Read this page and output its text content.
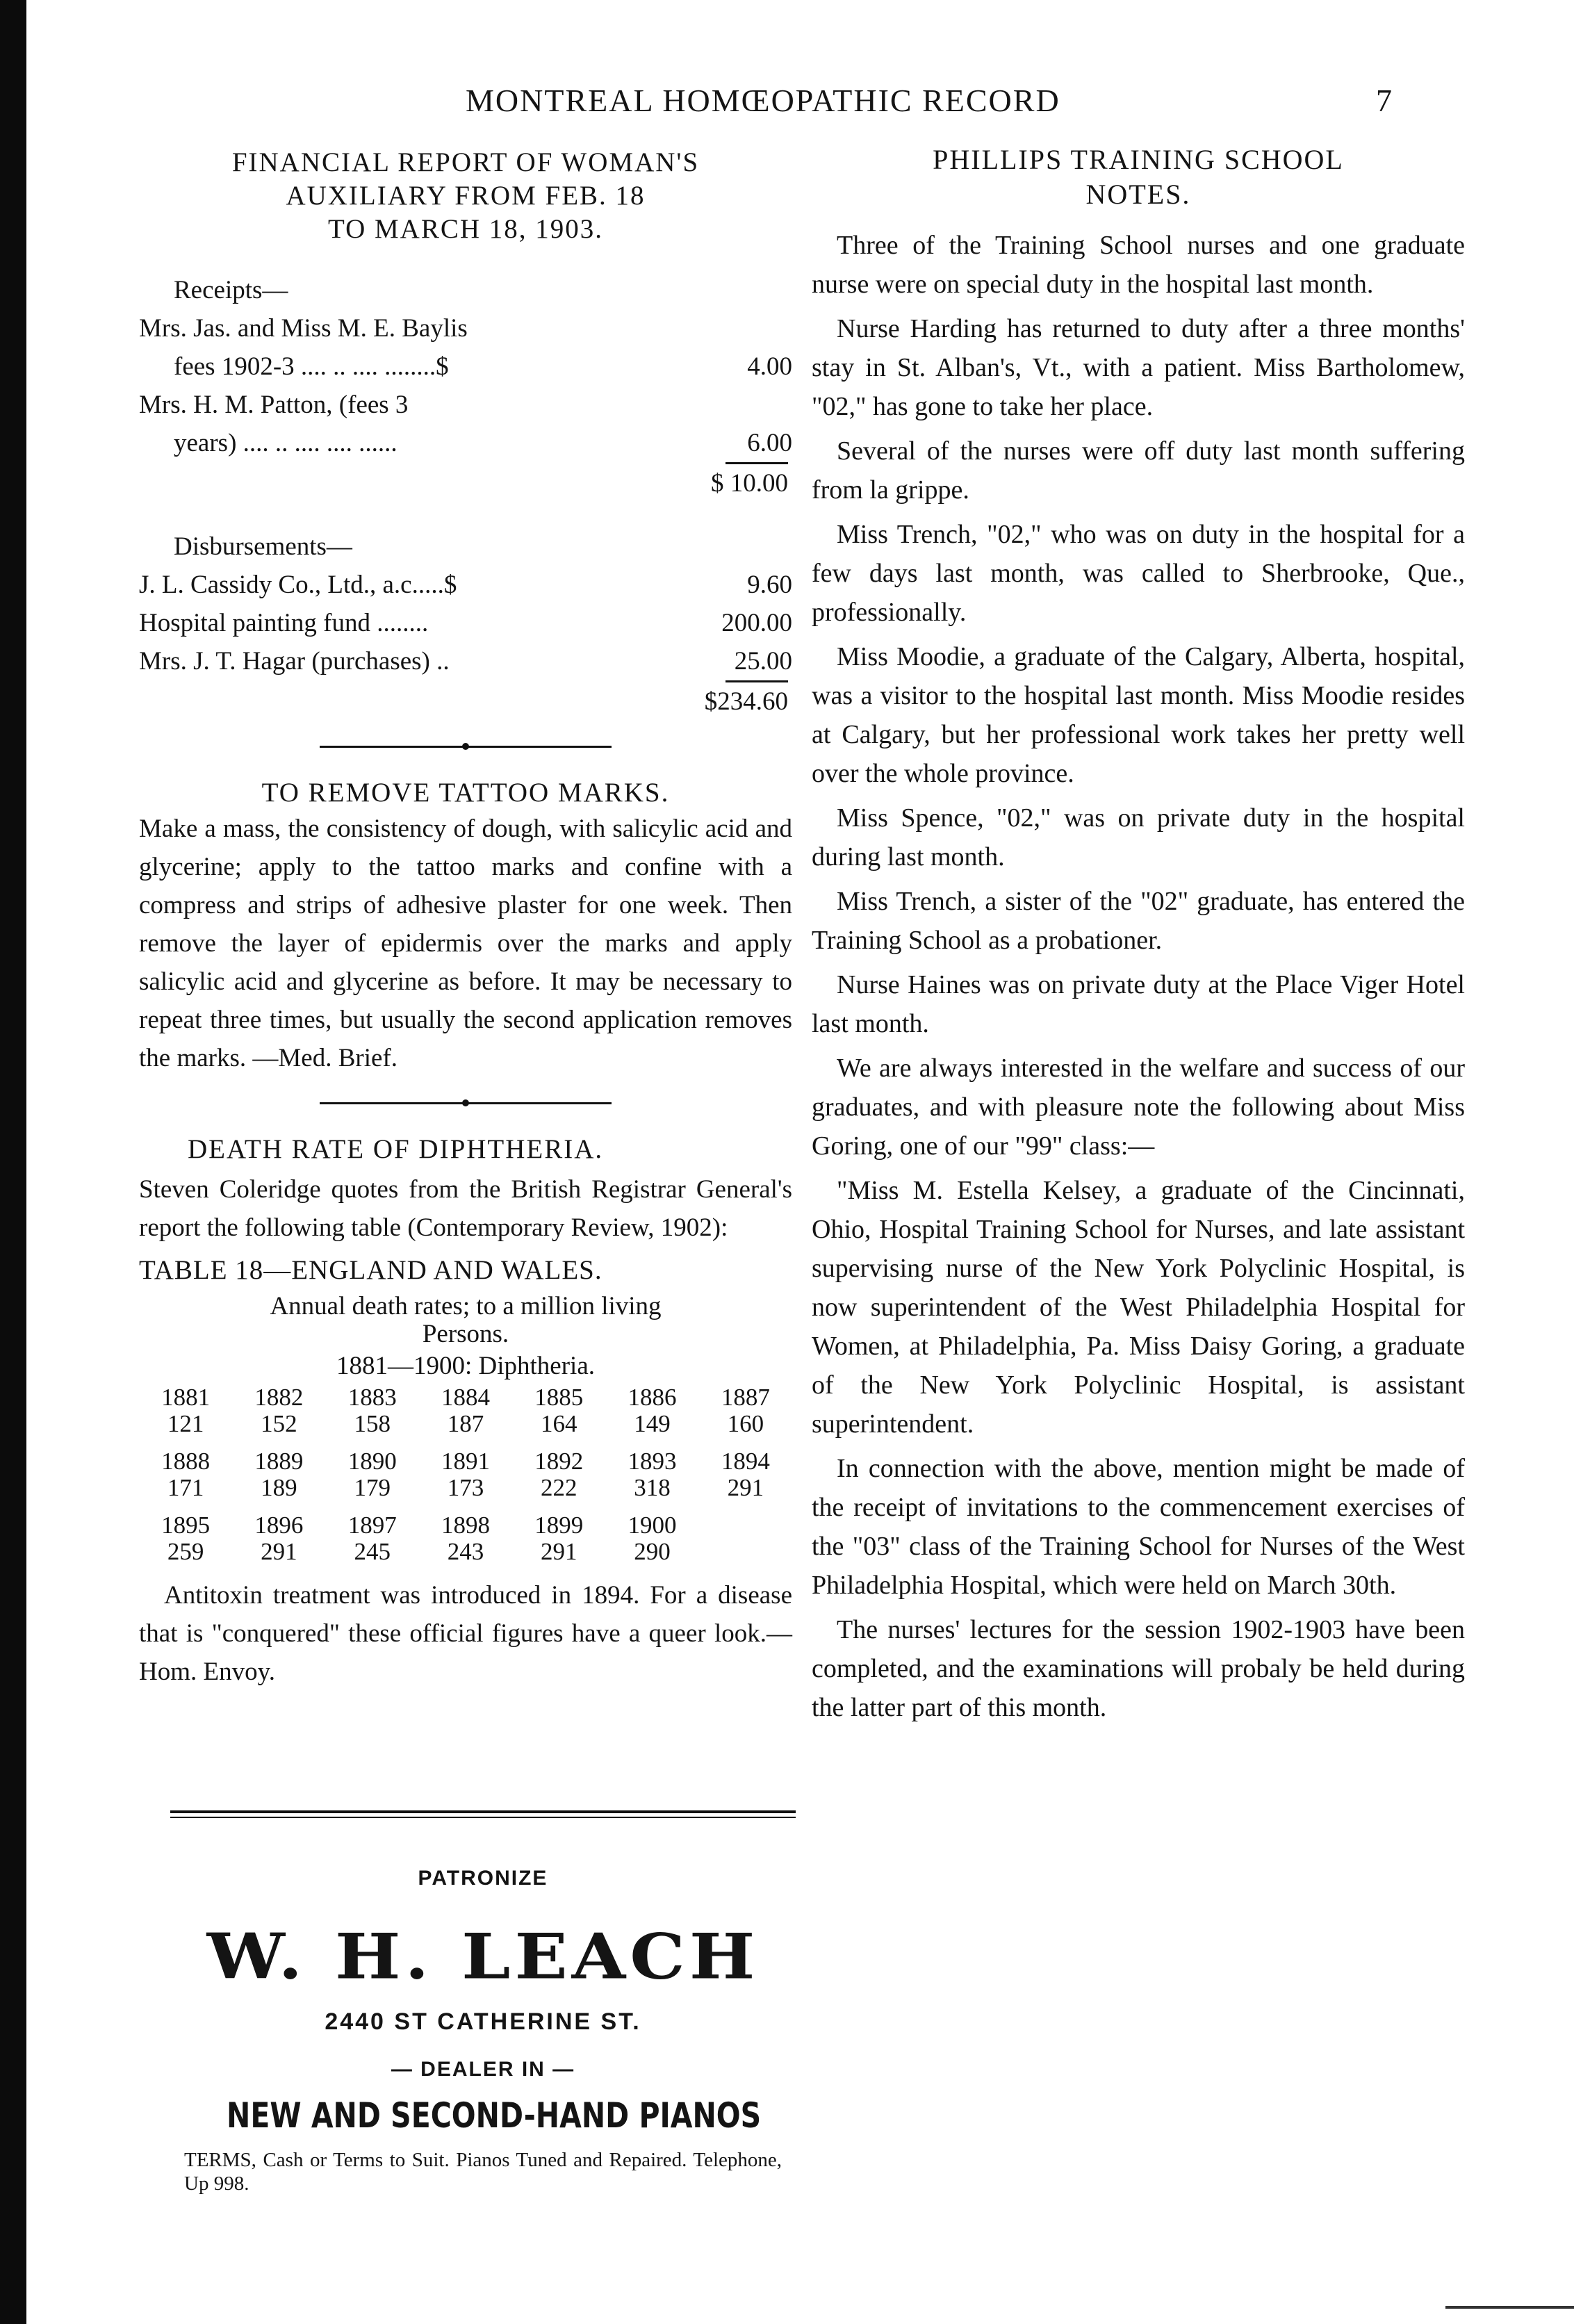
MONTREAL HOMŒOPATHIC RECORD	7
FINANCIAL REPORT OF WOMAN'S
AUXILIARY FROM FEB. 18
TO MARCH 18, 1903.
Receipts—
Mrs. Jas. and Miss M. E. Baylis
fees 1902-3 .... .. .... ........$	4.00
Mrs. H. M. Patton, (fees 3
years) .... .. .... .... ......	6.00
$ 10.00
Disbursements—
J. L. Cassidy Co., Ltd., a.c.....$	9.60
Hospital painting fund ........	200.00
Mrs. J. T. Hagar (purchases) ..	25.00
$234.60
TO REMOVE TATTOO MARKS.

Make a mass, the consistency of dough, with salicylic acid and glycerine; apply to the tattoo marks and confine with a compress and strips of adhesive plaster for one week. Then remove the layer of epidermis over the marks and apply salicylic acid and glycerine as before. It may be necessary to repeat three times, but usually the second application removes the marks. —Med. Brief.

DEATH RATE OF DIPHTHERIA.

Steven Coleridge quotes from the British Registrar General's report the following table (Contemporary Review, 1902):

TABLE 18—ENGLAND AND WALES.
Annual death rates; to a million living
Persons.
1881—1900: Diphtheria.
1881	1882	1883	1884	1885	1886	1887
121	152	158	187	164	149	160
1888	1889	1890	1891	1892	1893	1894
171	189	179	173	222	318	291
1895	1896	1897	1898	1899	1900	
259	291	245	243	291	290	

Antitoxin treatment was introduced in 1894. For a disease that is "conquered" these official figures have a queer look.—Hom. Envoy.

PATRONIZE
W. H. LEACH
2440 ST CATHERINE ST.
— DEALER IN —
NEW AND SECOND-HAND PIANOS
TERMS, Cash or Terms to Suit. Pianos Tuned and Repaired. Telephone, Up 998.
PHILLIPS TRAINING SCHOOL
NOTES.

Three of the Training School nurses and one graduate nurse were on special duty in the hospital last month.

Nurse Harding has returned to duty after a three months' stay in St. Alban's, Vt., with a patient. Miss Bartholomew, "02," has gone to take her place.

Several of the nurses were off duty last month suffering from la grippe.

Miss Trench, "02," who was on duty in the hospital for a few days last month, was called to Sherbrooke, Que., professionally.

Miss Moodie, a graduate of the Calgary, Alberta, hospital, was a visitor to the hospital last month. Miss Moodie resides at Calgary, but her professional work takes her pretty well over the whole province.

Miss Spence, "02," was on private duty in the hospital during last month.

Miss Trench, a sister of the "02" graduate, has entered the Training School as a probationer.

Nurse Haines was on private duty at the Place Viger Hotel last month.

We are always interested in the welfare and success of our graduates, and with pleasure note the following about Miss Goring, one of our "99" class:—

"Miss M. Estella Kelsey, a graduate of the Cincinnati, Ohio, Hospital Training School for Nurses, and late assistant supervising nurse of the New York Polyclinic Hospital, is now superintendent of the West Philadelphia Hospital for Women, at Philadelphia, Pa. Miss Daisy Goring, a graduate of the New York Polyclinic Hospital, is assistant superintendent.

In connection with the above, mention might be made of the receipt of invitations to the commencement exercises of the "03" class of the Training School for Nurses of the West Philadelphia Hospital, which were held on March 30th.

The nurses' lectures for the session 1902-1903 have been completed, and the examinations will probaly be held during the latter part of this month.
